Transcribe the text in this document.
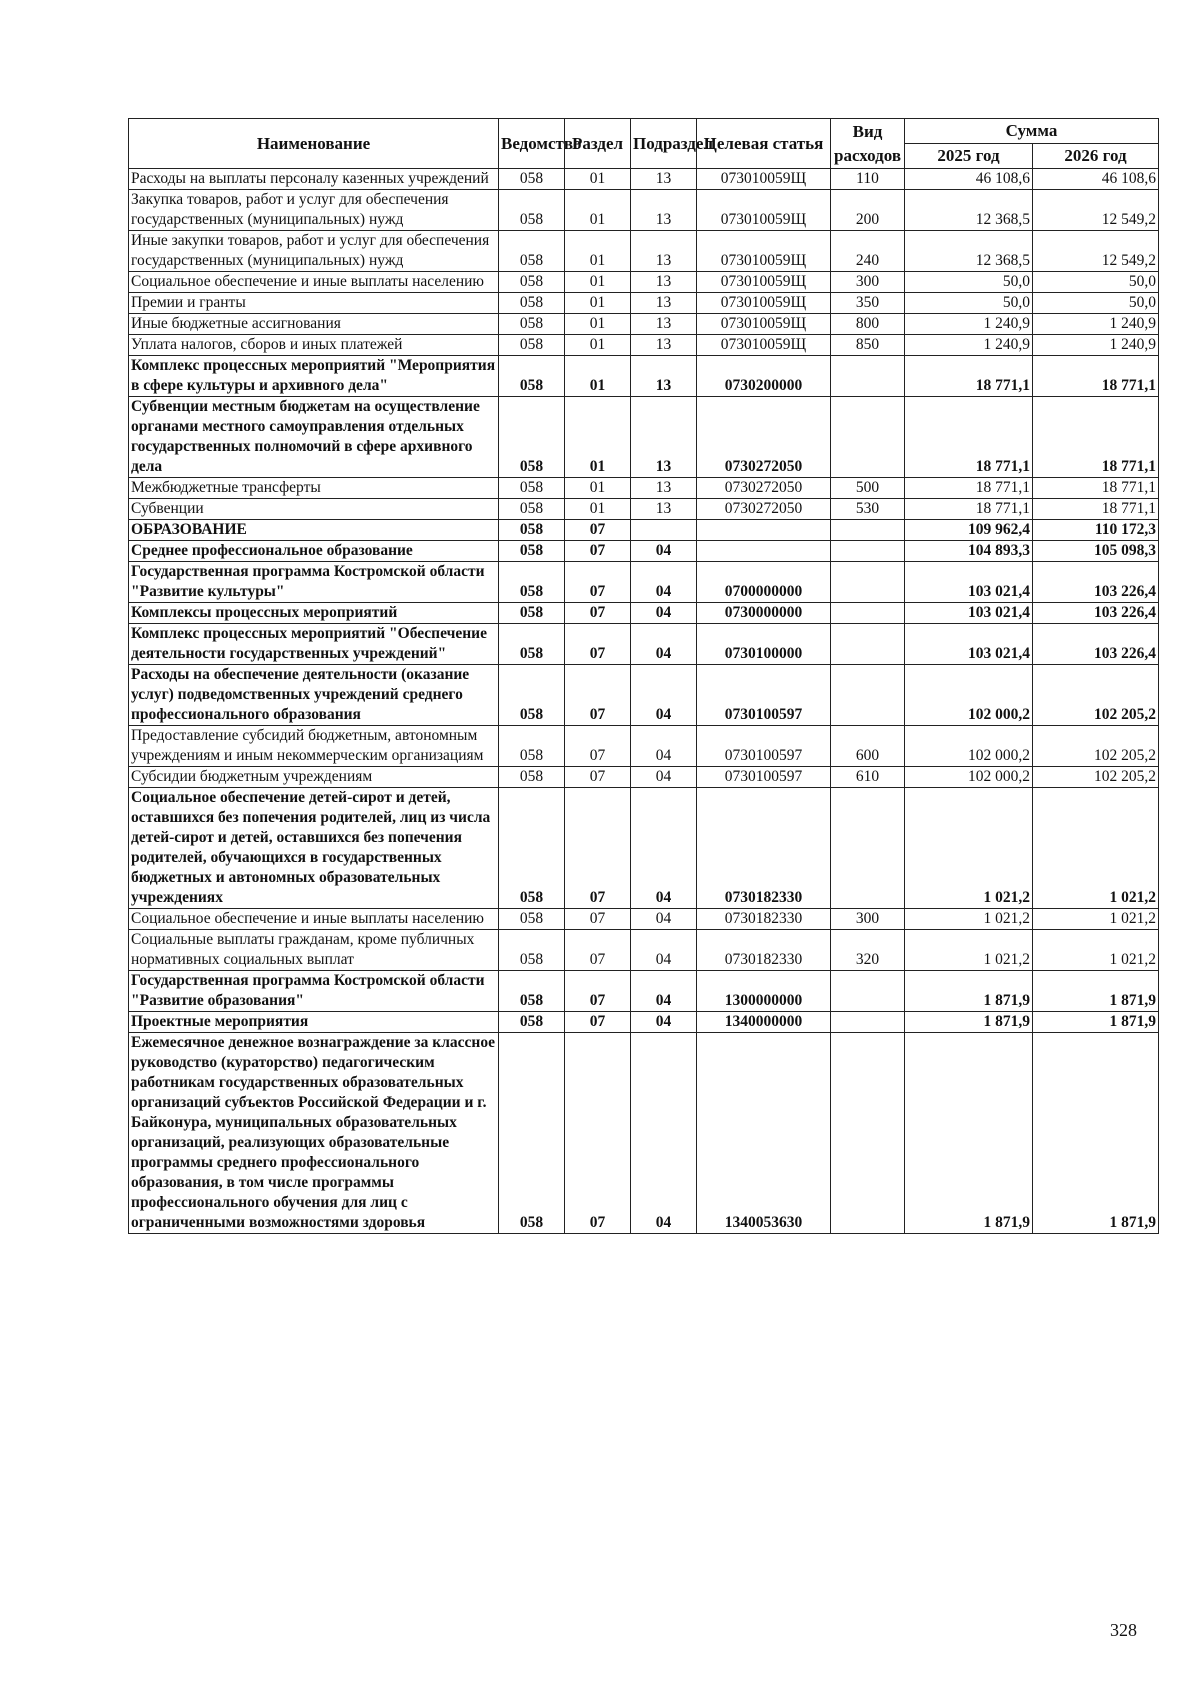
Наименование	Ведомство	Раздел	Подраздел	Целевая статья	Вид расходов	Сумма	
						2025 год	2026 год
Расходы на выплаты персоналу казенных учреждений	058	01	13	073010059Щ	110	46 108,6	46 108,6
Закупка товаров, работ и услуг для обеспечения государственных (муниципальных) нужд	058	01	13	073010059Щ	200	12 368,5	12 549,2
Иные закупки товаров, работ и услуг для обеспечения государственных (муниципальных) нужд	058	01	13	073010059Щ	240	12 368,5	12 549,2
Социальное обеспечение и иные выплаты населению	058	01	13	073010059Щ	300	50,0	50,0
Премии и гранты	058	01	13	073010059Щ	350	50,0	50,0
Иные бюджетные ассигнования	058	01	13	073010059Щ	800	1 240,9	1 240,9
Уплата налогов, сборов и иных платежей	058	01	13	073010059Щ	850	1 240,9	1 240,9
Комплекс процессных мероприятий "Мероприятия в сфере культуры и архивного дела"	058	01	13	0730200000		18 771,1	18 771,1
Субвенции местным бюджетам на осуществление органами местного самоуправления отдельных государственных полномочий в сфере архивного дела	058	01	13	0730272050		18 771,1	18 771,1
Межбюджетные трансферты	058	01	13	0730272050	500	18 771,1	18 771,1
Субвенции	058	01	13	0730272050	530	18 771,1	18 771,1
ОБРАЗОВАНИЕ	058	07				109 962,4	110 172,3
Среднее профессиональное образование	058	07	04			104 893,3	105 098,3
Государственная программа Костромской области "Развитие культуры"	058	07	04	0700000000		103 021,4	103 226,4
Комплексы процессных мероприятий	058	07	04	0730000000		103 021,4	103 226,4
Комплекс процессных мероприятий "Обеспечение деятельности государственных учреждений"	058	07	04	0730100000		103 021,4	103 226,4
Расходы на обеспечение деятельности (оказание услуг) подведомственных учреждений среднего профессионального образования	058	07	04	0730100597		102 000,2	102 205,2
Предоставление субсидий бюджетным, автономным учреждениям и иным некоммерческим организациям	058	07	04	0730100597	600	102 000,2	102 205,2
Субсидии бюджетным учреждениям	058	07	04	0730100597	610	102 000,2	102 205,2
Социальное обеспечение детей-сирот и детей, оставшихся без попечения родителей, лиц из числа детей-сирот и детей, оставшихся без попечения родителей, обучающихся в государственных бюджетных и автономных образовательных учреждениях	058	07	04	0730182330		1 021,2	1 021,2
Социальное обеспечение и иные выплаты населению	058	07	04	0730182330	300	1 021,2	1 021,2
Социальные выплаты гражданам, кроме публичных нормативных социальных выплат	058	07	04	0730182330	320	1 021,2	1 021,2
Государственная программа Костромской области "Развитие образования"	058	07	04	1300000000		1 871,9	1 871,9
Проектные мероприятия	058	07	04	1340000000		1 871,9	1 871,9
Ежемесячное денежное вознаграждение за классное руководство (кураторство) педагогическим работникам государственных образовательных организаций субъектов Российской Федерации и г. Байконура, муниципальных образовательных организаций, реализующих образовательные программы среднего профессионального образования, в том числе программы профессионального обучения для лиц с ограниченными возможностями здоровья	058	07	04	1340053630		1 871,9	1 871,9
328
